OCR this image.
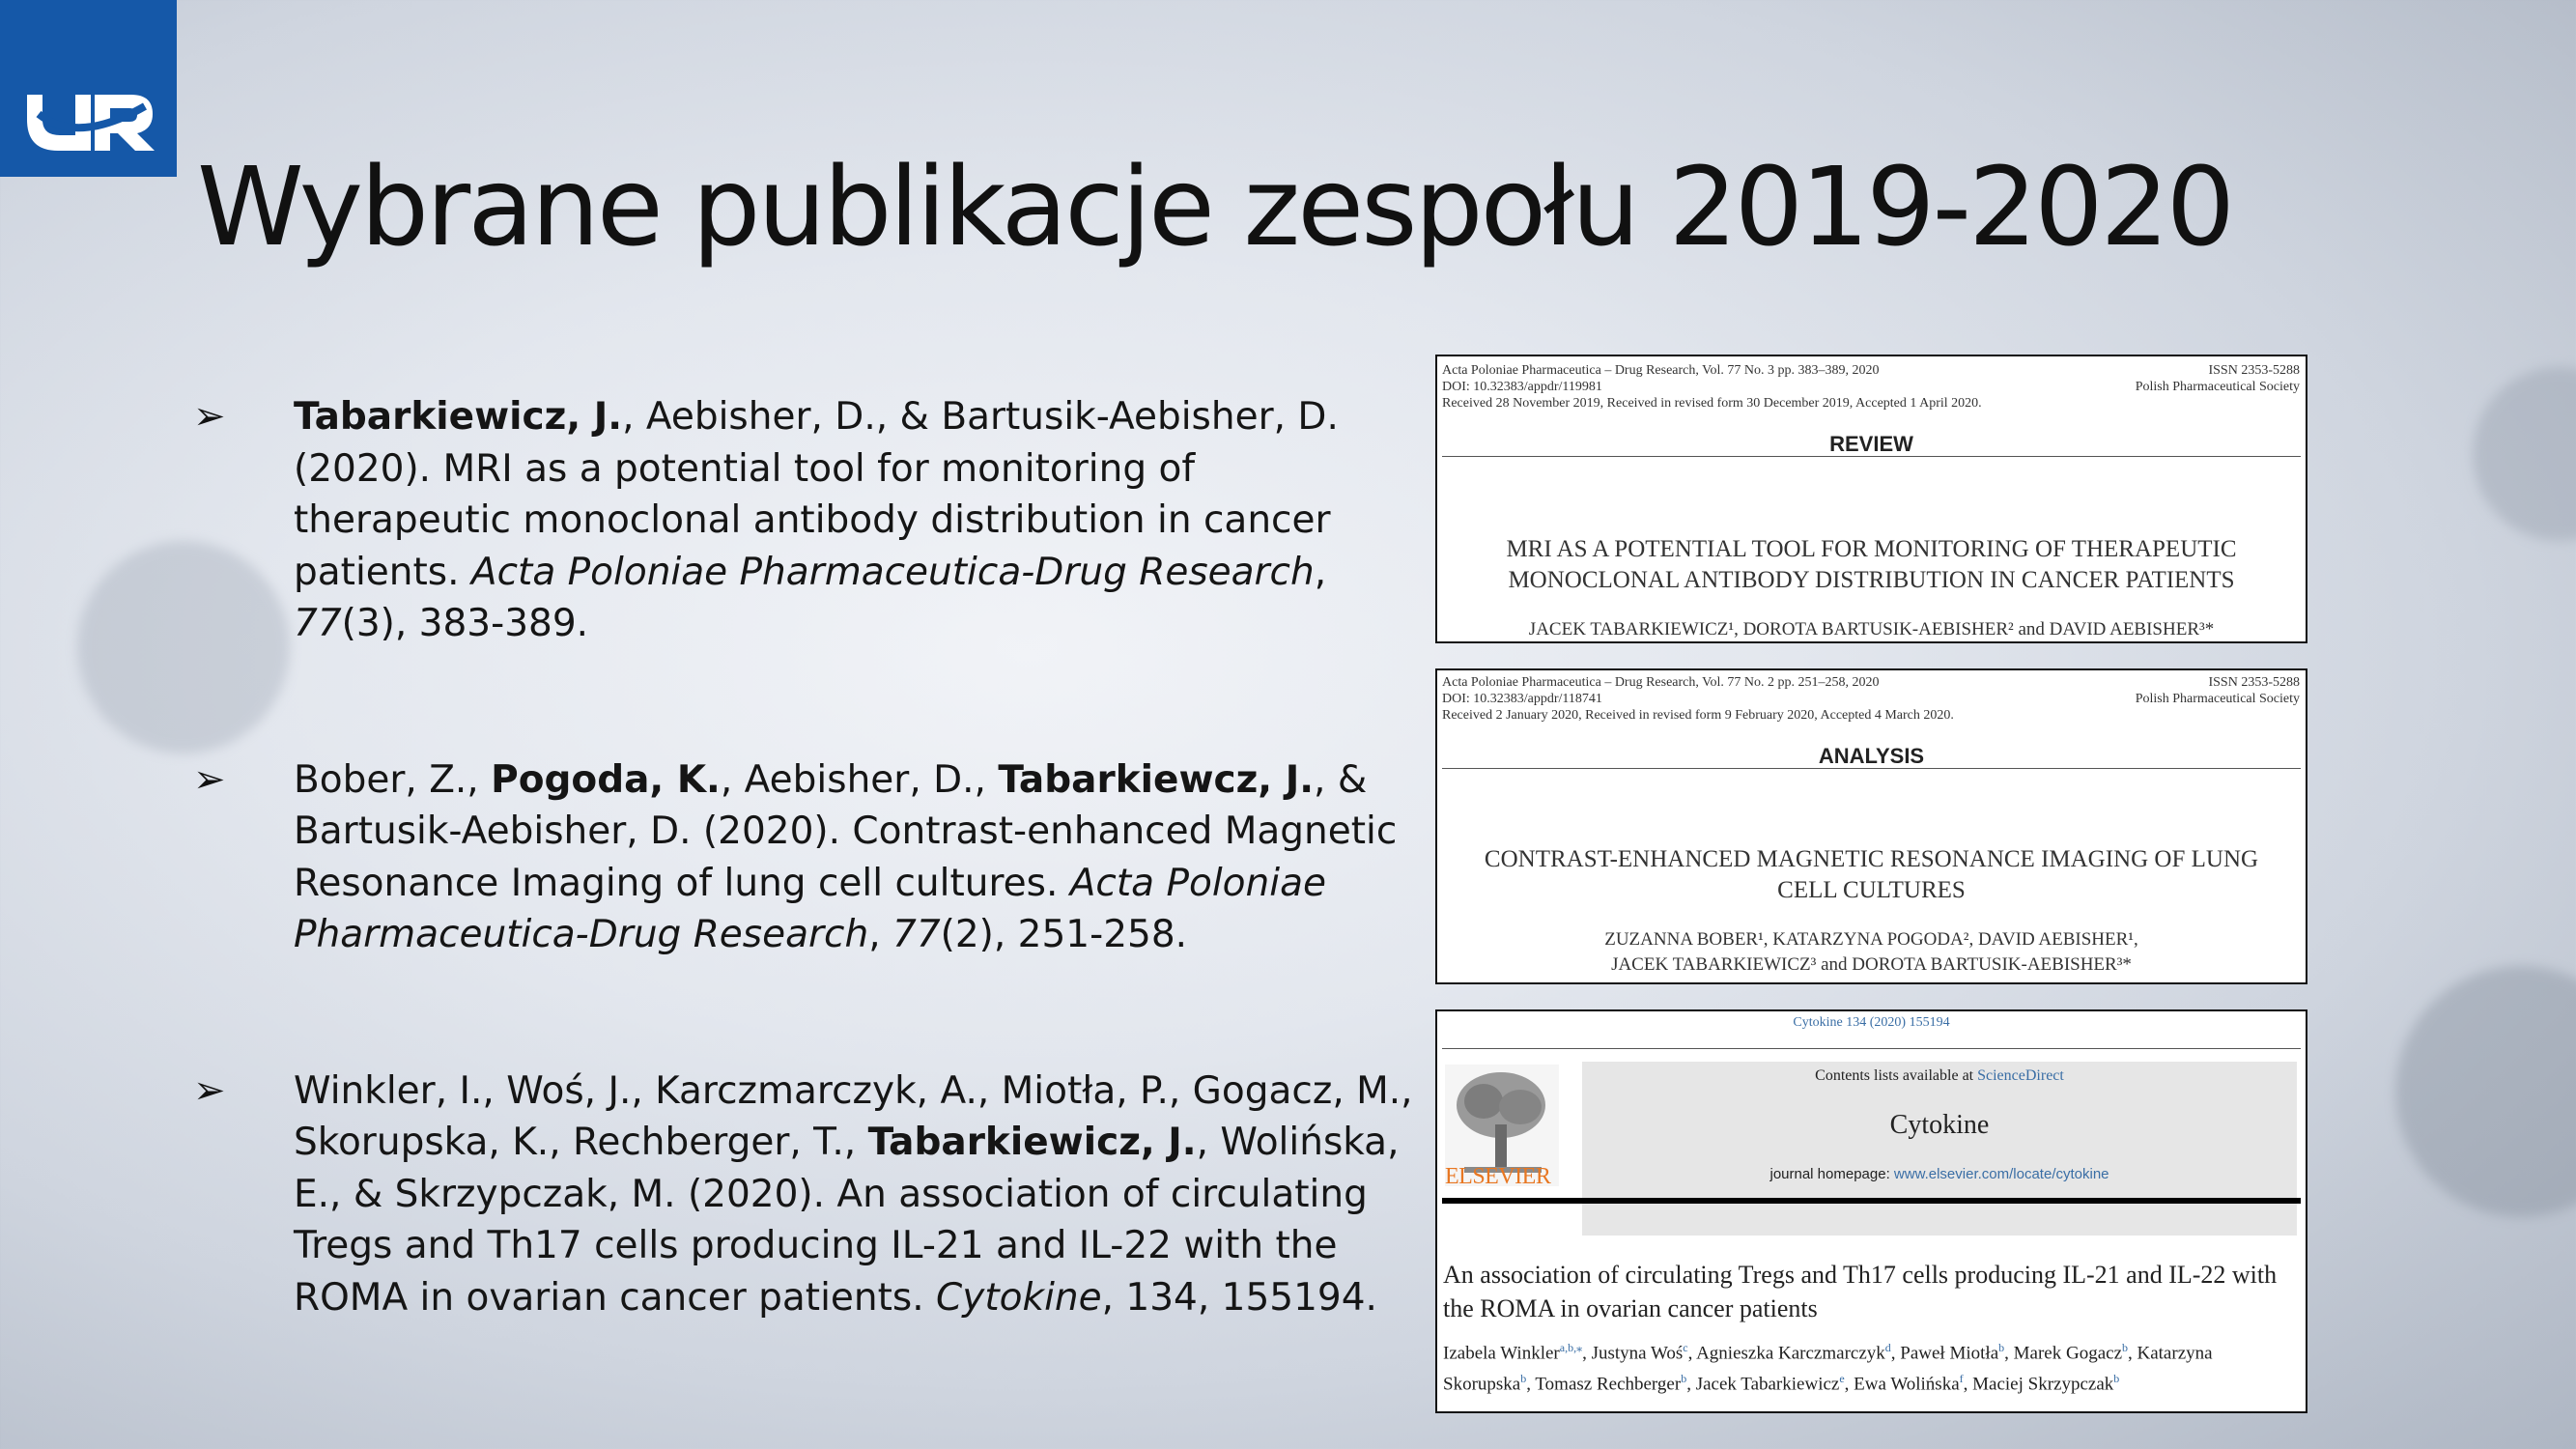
Wybrane publikacje zespołu 2019-2020
➢ Tabarkiewicz, J., Aebisher, D., & Bartusik-Aebisher, D. (2020). MRI as a potential tool for monitoring of therapeutic monoclonal antibody distribution in cancer patients. Acta Poloniae Pharmaceutica-Drug Research, 77(3), 383-389.
➢ Bober, Z., Pogoda, K., Aebisher, D., Tabarkiewcz, J., & Bartusik-Aebisher, D. (2020). Contrast-enhanced Magnetic Resonance Imaging of lung cell cultures. Acta Poloniae Pharmaceutica-Drug Research, 77(2), 251-258.
➢ Winkler, I., Woś, J., Karczmarczyk, A., Miotła, P., Gogacz, M., Skorupska, K., Rechberger, T., Tabarkiewicz, J., Wolińska, E., & Skrzypczak, M. (2020). An association of circulating Tregs and Th17 cells producing IL-21 and IL-22 with the ROMA in ovarian cancer patients. Cytokine, 134, 155194.
Acta Poloniae Pharmaceutica – Drug Research, Vol. 77 No. 3 pp. 383–389, 2020
DOI: 10.32383/appdr/119981
Received 28 November 2019, Received in revised form 30 December 2019, Accepted 1 April 2020.
ISSN 2353-5288
Polish Pharmaceutical Society
REVIEW
MRI AS A POTENTIAL TOOL FOR MONITORING OF THERAPEUTIC
MONOCLONAL ANTIBODY DISTRIBUTION IN CANCER PATIENTS
JACEK TABARKIEWICZ¹, DOROTA BARTUSIK-AEBISHER² and DAVID AEBISHER³*
Acta Poloniae Pharmaceutica – Drug Research, Vol. 77 No. 2 pp. 251–258, 2020
DOI: 10.32383/appdr/118741
Received 2 January 2020, Received in revised form 9 February 2020, Accepted 4 March 2020.
ISSN 2353-5288
Polish Pharmaceutical Society
ANALYSIS
CONTRAST-ENHANCED MAGNETIC RESONANCE IMAGING OF LUNG
CELL CULTURES
ZUZANNA BOBER¹, KATARZYNA POGODA², DAVID AEBISHER¹,
JACEK TABARKIEWICZ³ and DOROTA BARTUSIK-AEBISHER³*
Cytokine 134 (2020) 155194
ELSEVIER
Contents lists available at ScienceDirect
Cytokine
journal homepage: www.elsevier.com/locate/cytokine
An association of circulating Tregs and Th17 cells producing IL-21 and IL-22 with the ROMA in ovarian cancer patients
Izabela Winkler$^{a,b,⁎}$, Justyna Woś$^c$, Agnieszka Karczmarczyk$^d$, Paweł Miotła$^b$, Marek Gogacz$^b$, Katarzyna Skorupska$^b$, Tomasz Rechberger$^b$, Jacek Tabarkiewicz$^e$, Ewa Wolińska$^f$, Maciej Skrzypczak$^b$
